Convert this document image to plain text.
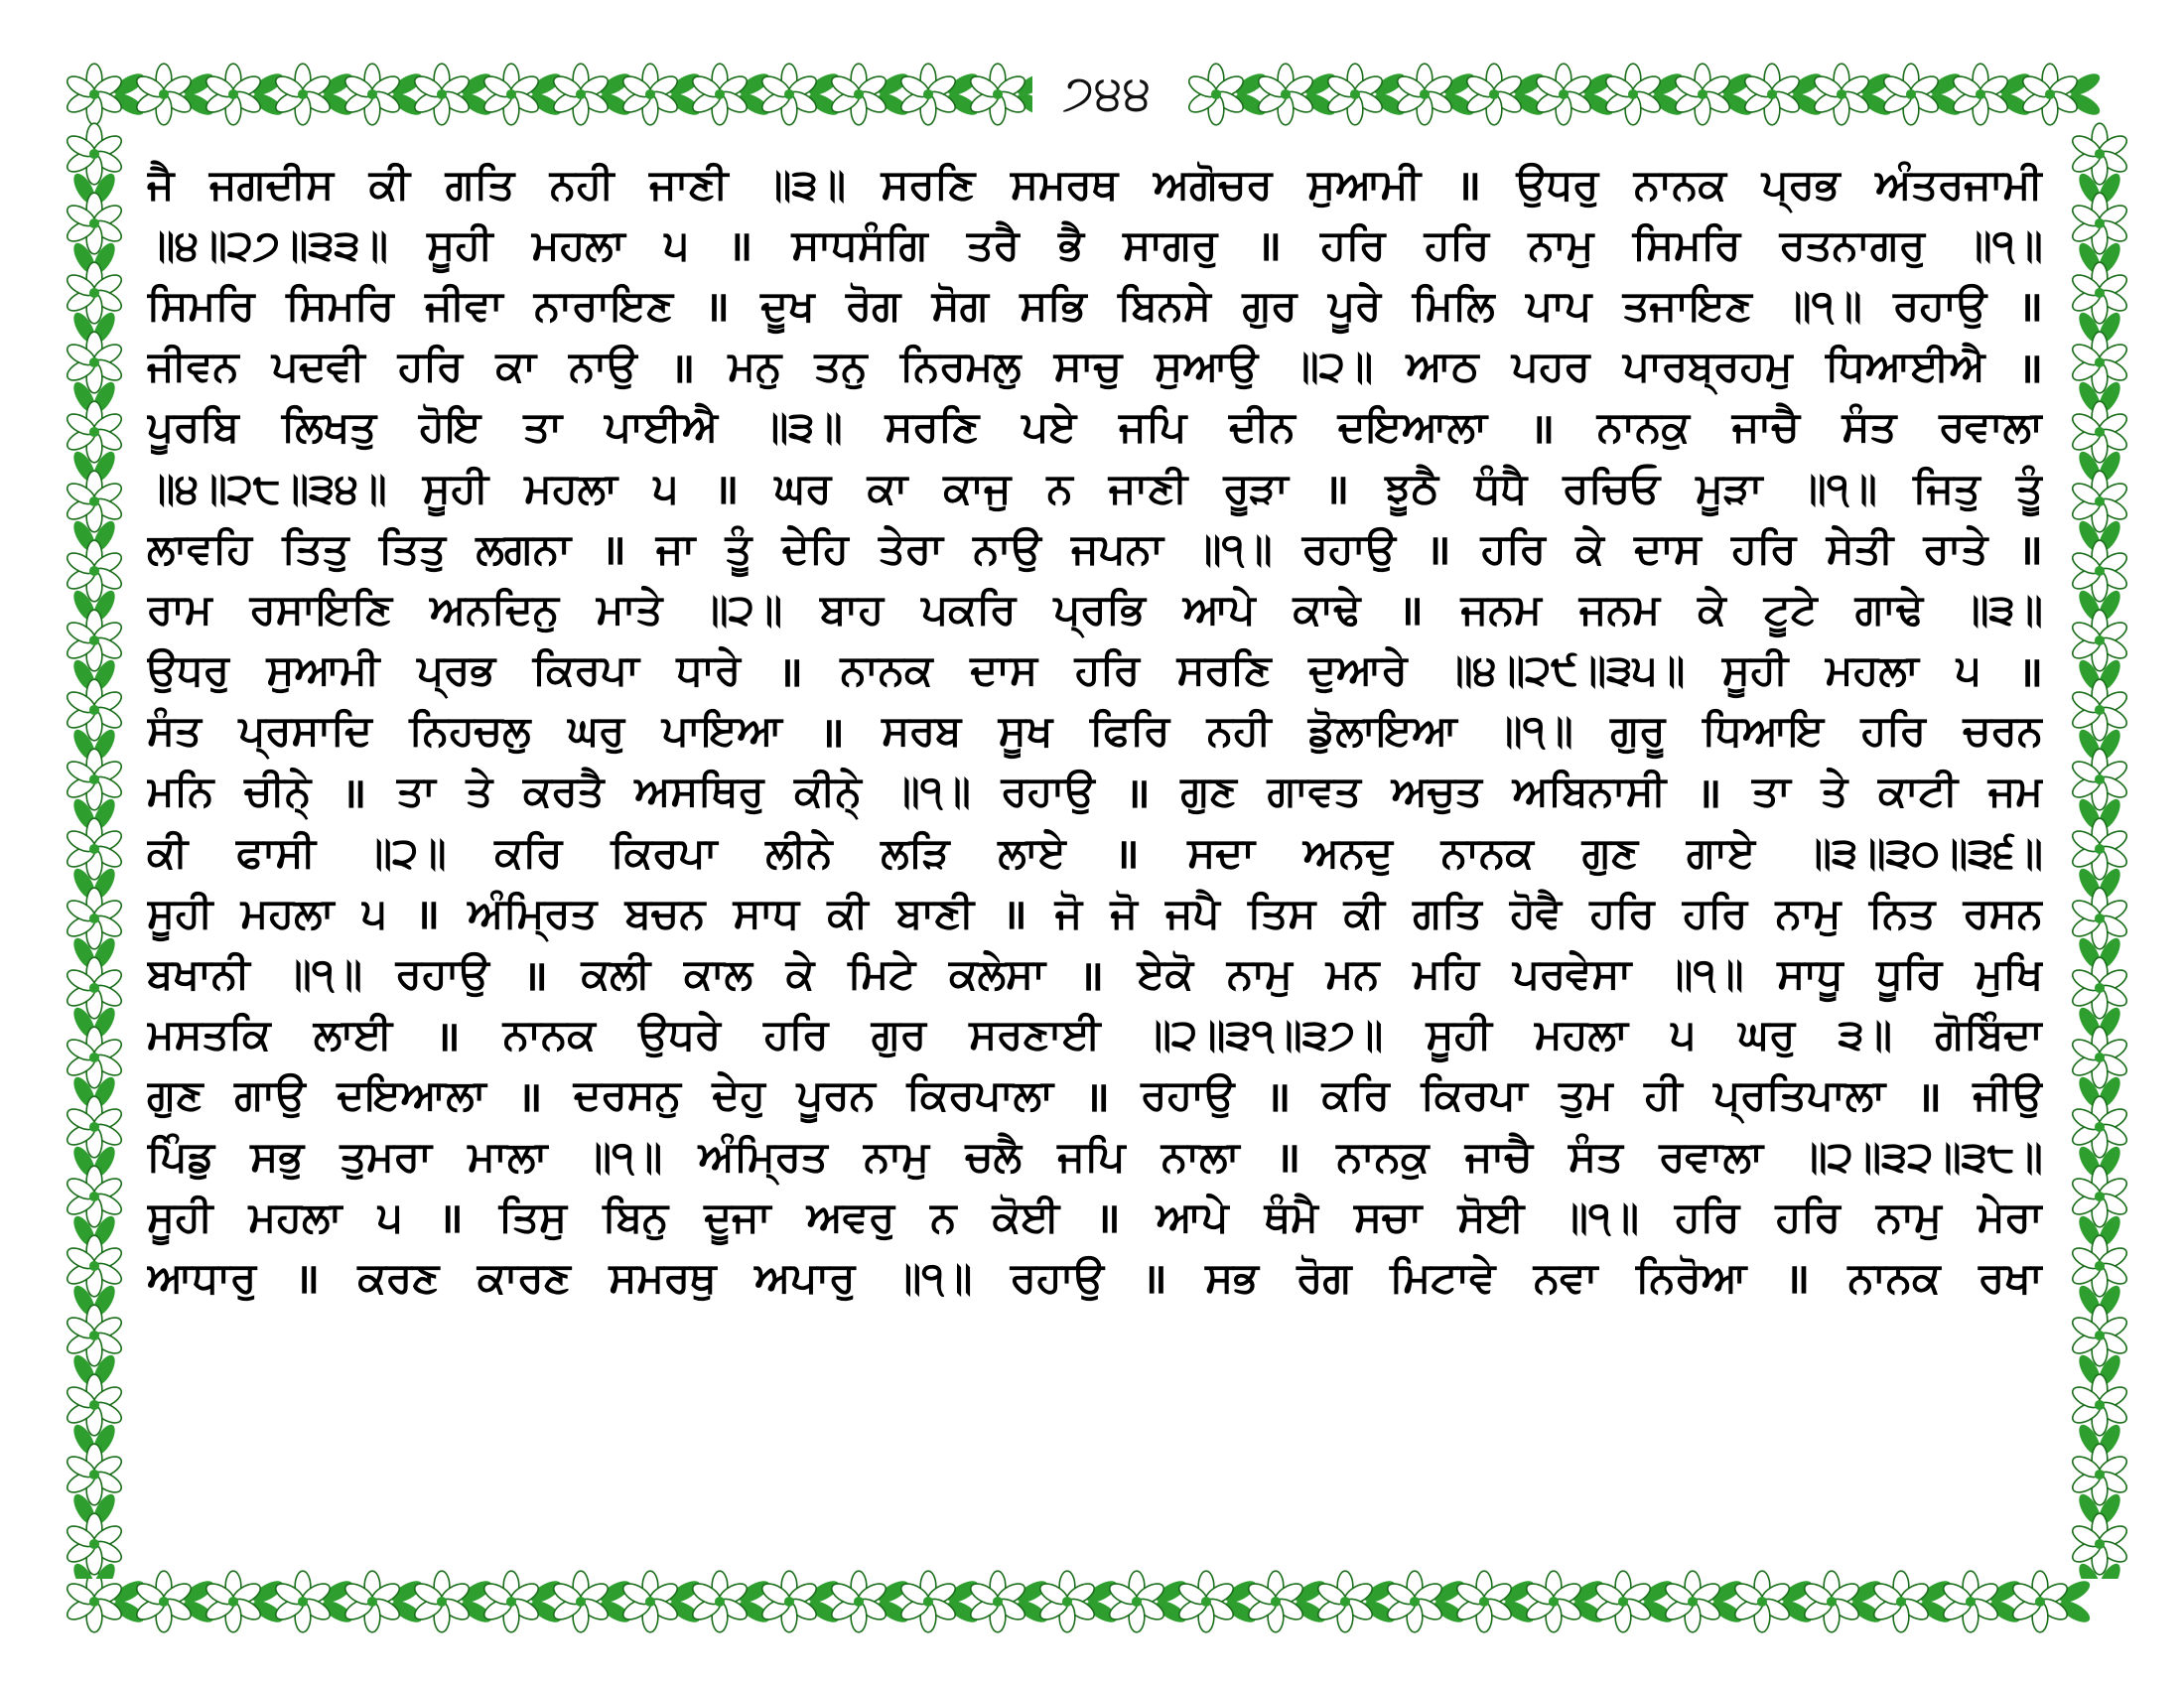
੭੪੪
ਜੈ ਜਗਦੀਸ ਕੀ ਗਤਿ ਨਹੀ ਜਾਣੀ ॥੩॥ ਸਰਣਿ ਸਮਰਥ ਅਗੋਚਰ ਸੁਆਮੀ ॥ ਉਧਰੁ ਨਾਨਕ ਪ੍ਰਭ ਅੰਤਰਜਾਮੀ
॥੪॥੨੭॥੩੩॥ ਸੂਹੀ ਮਹਲਾ ੫ ॥ ਸਾਧਸੰਗਿ ਤਰੈ ਭੈ ਸਾਗਰੁ ॥ ਹਰਿ ਹਰਿ ਨਾਮੁ ਸਿਮਰਿ ਰਤਨਾਗਰੁ ॥੧॥
ਸਿਮਰਿ ਸਿਮਰਿ ਜੀਵਾ ਨਾਰਾਇਣ ॥ ਦੂਖ ਰੋਗ ਸੋਗ ਸਭਿ ਬਿਨਸੇ ਗੁਰ ਪੂਰੇ ਮਿਲਿ ਪਾਪ ਤਜਾਇਣ ॥੧॥ ਰਹਾਉ ॥
ਜੀਵਨ ਪਦਵੀ ਹਰਿ ਕਾ ਨਾਉ ॥ ਮਨੁ ਤਨੁ ਨਿਰਮਲੁ ਸਾਚੁ ਸੁਆਉ ॥੨॥ ਆਠ ਪਹਰ ਪਾਰਬ੍ਰਹਮੁ ਧਿਆਈਐ ॥
ਪੂਰਬਿ ਲਿਖਤੁ ਹੋਇ ਤਾ ਪਾਈਐ ॥੩॥ ਸਰਣਿ ਪਏ ਜਪਿ ਦੀਨ ਦਇਆਲਾ ॥ ਨਾਨਕੁ ਜਾਚੈ ਸੰਤ ਰਵਾਲਾ
॥੪॥੨੮॥੩੪॥ ਸੂਹੀ ਮਹਲਾ ੫ ॥ ਘਰ ਕਾ ਕਾਜੁ ਨ ਜਾਣੀ ਰੂੜਾ ॥ ਝੂਠੈ ਧੰਧੈ ਰਚਿਓ ਮੂੜਾ ॥੧॥ ਜਿਤੁ ਤੂੰ
ਲਾਵਹਿ ਤਿਤੁ ਤਿਤੁ ਲਗਨਾ ॥ ਜਾ ਤੂੰ ਦੇਹਿ ਤੇਰਾ ਨਾਉ ਜਪਨਾ ॥੧॥ ਰਹਾਉ ॥ ਹਰਿ ਕੇ ਦਾਸ ਹਰਿ ਸੇਤੀ ਰਾਤੇ ॥
ਰਾਮ ਰਸਾਇਣਿ ਅਨਦਿਨੁ ਮਾਤੇ ॥੨॥ ਬਾਹ ਪਕਰਿ ਪ੍ਰਭਿ ਆਪੇ ਕਾਢੇ ॥ ਜਨਮ ਜਨਮ ਕੇ ਟੂਟੇ ਗਾਢੇ ॥੩॥
ਉਧਰੁ ਸੁਆਮੀ ਪ੍ਰਭ ਕਿਰਪਾ ਧਾਰੇ ॥ ਨਾਨਕ ਦਾਸ ਹਰਿ ਸਰਣਿ ਦੁਆਰੇ ॥੪॥੨੯॥੩੫॥ ਸੂਹੀ ਮਹਲਾ ੫ ॥
ਸੰਤ ਪ੍ਰਸਾਦਿ ਨਿਹਚਲੁ ਘਰੁ ਪਾਇਆ ॥ ਸਰਬ ਸੂਖ ਫਿਰਿ ਨਹੀ ਡੋੁਲਾਇਆ ॥੧॥ ਗੁਰੂ ਧਿਆਇ ਹਰਿ ਚਰਨ
ਮਨਿ ਚੀਨੇ੍ ॥ ਤਾ ਤੇ ਕਰਤੈ ਅਸਥਿਰੁ ਕੀਨੇ੍ ॥੧॥ ਰਹਾਉ ॥ ਗੁਣ ਗਾਵਤ ਅਚੁਤ ਅਬਿਨਾਸੀ ॥ ਤਾ ਤੇ ਕਾਟੀ ਜਮ
ਕੀ ਫਾਸੀ ॥੨॥ ਕਰਿ ਕਿਰਪਾ ਲੀਨੇ ਲੜਿ ਲਾਏ ॥ ਸਦਾ ਅਨਦੁ ਨਾਨਕ ਗੁਣ ਗਾਏ ॥੩॥੩੦॥੩੬॥
ਸੂਹੀ ਮਹਲਾ ੫ ॥ ਅੰਮ੍ਰਿਤ ਬਚਨ ਸਾਧ ਕੀ ਬਾਣੀ ॥ ਜੋ ਜੋ ਜਪੈ ਤਿਸ ਕੀ ਗਤਿ ਹੋਵੈ ਹਰਿ ਹਰਿ ਨਾਮੁ ਨਿਤ ਰਸਨ
ਬਖਾਨੀ ॥੧॥ ਰਹਾਉ ॥ ਕਲੀ ਕਾਲ ਕੇ ਮਿਟੇ ਕਲੇਸਾ ॥ ਏਕੋ ਨਾਮੁ ਮਨ ਮਹਿ ਪਰਵੇਸਾ ॥੧॥ ਸਾਧੂ ਧੂਰਿ ਮੁਖਿ
ਮਸਤਕਿ ਲਾਈ ॥ ਨਾਨਕ ਉਧਰੇ ਹਰਿ ਗੁਰ ਸਰਣਾਈ ॥੨॥੩੧॥੩੭॥ ਸੂਹੀ ਮਹਲਾ ੫ ਘਰੁ ੩॥ ਗੋਬਿੰਦਾ
ਗੁਣ ਗਾਉ ਦਇਆਲਾ ॥ ਦਰਸਨੁ ਦੇਹੁ ਪੂਰਨ ਕਿਰਪਾਲਾ ॥ ਰਹਾਉ ॥ ਕਰਿ ਕਿਰਪਾ ਤੁਮ ਹੀ ਪ੍ਰਤਿਪਾਲਾ ॥ ਜੀਉ
ਪਿੰਡੁ ਸਭੁ ਤੁਮਰਾ ਮਾਲਾ ॥੧॥ ਅੰਮ੍ਰਿਤ ਨਾਮੁ ਚਲੈ ਜਪਿ ਨਾਲਾ ॥ ਨਾਨਕੁ ਜਾਚੈ ਸੰਤ ਰਵਾਲਾ ॥੨॥੩੨॥੩੮॥
ਸੂਹੀ ਮਹਲਾ ੫ ॥ ਤਿਸੁ ਬਿਨੁ ਦੂਜਾ ਅਵਰੁ ਨ ਕੋਈ ॥ ਆਪੇ ਥੰਮੈ ਸਚਾ ਸੋਈ ॥੧॥ ਹਰਿ ਹਰਿ ਨਾਮੁ ਮੇਰਾ
ਆਧਾਰੁ ॥ ਕਰਣ ਕਾਰਣ ਸਮਰਥੁ ਅਪਾਰੁ ॥੧॥ ਰਹਾਉ ॥ ਸਭ ਰੋਗ ਮਿਟਾਵੇ ਨਵਾ ਨਿਰੋਆ ॥ ਨਾਨਕ ਰਖਾ
